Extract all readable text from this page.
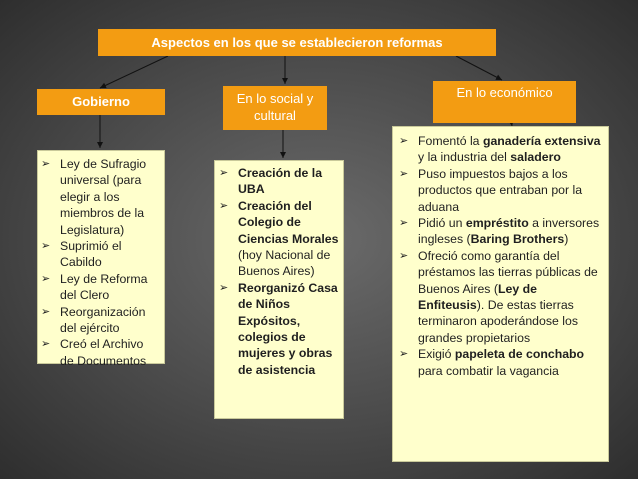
Aspectos en los que se establecieron reformas
Gobierno	En lo social y cultural
En lo económico
➢ Ley de Sufragio universal (para elegir a los miembros de la Legislatura)
➢ Suprimió el Cabildo
➢ Ley de Reforma del Clero
➢ Reorganización del ejército
➢ Creó el Archivo de Documentos
➢ Creación de la UBA
➢ Creación del Colegio de Ciencias Morales (hoy Nacional de Buenos Aires)
➢ Reorganizó Casa de Niños Expósitos, colegios de mujeres y obras de asistencia
➢ Fomentó la ganadería extensiva y la industria del saladero
➢ Puso impuestos bajos a los productos que entraban por la aduana
➢ Pidió un empréstito a inversores ingleses (Baring Brothers)
➢ Ofreció como garantía del préstamos las tierras públicas de Buenos Aires (Ley de Enfiteusis). De estas tierras terminaron apoderándose los grandes propietarios
➢ Exigió papeleta de conchabo para combatir la vagancia
